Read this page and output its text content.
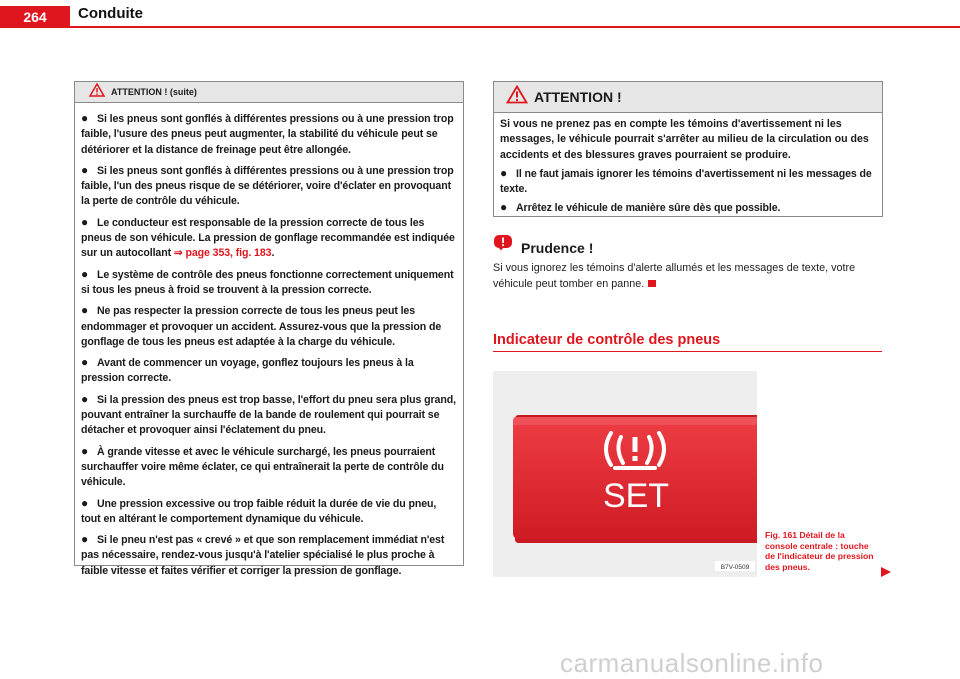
264	Conduite
ATTENTION ! (suite)

● Si les pneus sont gonflés à différentes pressions ou à une pression trop faible, l'usure des pneus peut augmenter, la stabilité du véhicule peut se détériorer et la distance de freinage peut être allongée.

● Si les pneus sont gonflés à différentes pressions ou à une pression trop faible, l'un des pneus risque de se détériorer, voire d'éclater en provoquant la perte de contrôle du véhicule.

● Le conducteur est responsable de la pression correcte de tous les pneus de son véhicule. La pression de gonflage recommandée est indiquée sur un autocollant ⇒ page 353, fig. 183.

● Le système de contrôle des pneus fonctionne correctement uniquement si tous les pneus à froid se trouvent à la pression correcte.

● Ne pas respecter la pression correcte de tous les pneus peut les endommager et provoquer un accident. Assurez-vous que la pression de gonflage de tous les pneus est adaptée à la charge du véhicule.

● Avant de commencer un voyage, gonflez toujours les pneus à la pression correcte.

● Si la pression des pneus est trop basse, l'effort du pneu sera plus grand, pouvant entraîner la surchauffe de la bande de roulement qui pourrait se détacher et provoquer ainsi l'éclatement du pneu.

● À grande vitesse et avec le véhicule surchargé, les pneus pourraient surchauffer voire même éclater, ce qui entraînerait la perte de contrôle du véhicule.

● Une pression excessive ou trop faible réduit la durée de vie du pneu, tout en altérant le comportement dynamique du véhicule.

● Si le pneu n'est pas « crevé » et que son remplacement immédiat n'est pas nécessaire, rendez-vous jusqu'à l'atelier spécialisé le plus proche à faible vitesse et faites vérifier et corriger la pression de gonflage.

ATTENTION !

Si vous ne prenez pas en compte les témoins d'avertissement ni les messages, le véhicule pourrait s'arrêter au milieu de la circulation ou des accidents et des blessures graves pourraient se produire.

● Il ne faut jamais ignorer les témoins d'avertissement ni les messages de texte.

● Arrêtez le véhicule de manière sûre dès que possible.

Prudence !
Si vous ignorez les témoins d'alerte allumés et les messages de texte, votre véhicule peut tomber en panne.
Indicateur de contrôle des pneus
SET
B7V-0509
Fig. 161 Détail de la console centrale : touche de l'indicateur de pression des pneus.
carmanualsonline.info
